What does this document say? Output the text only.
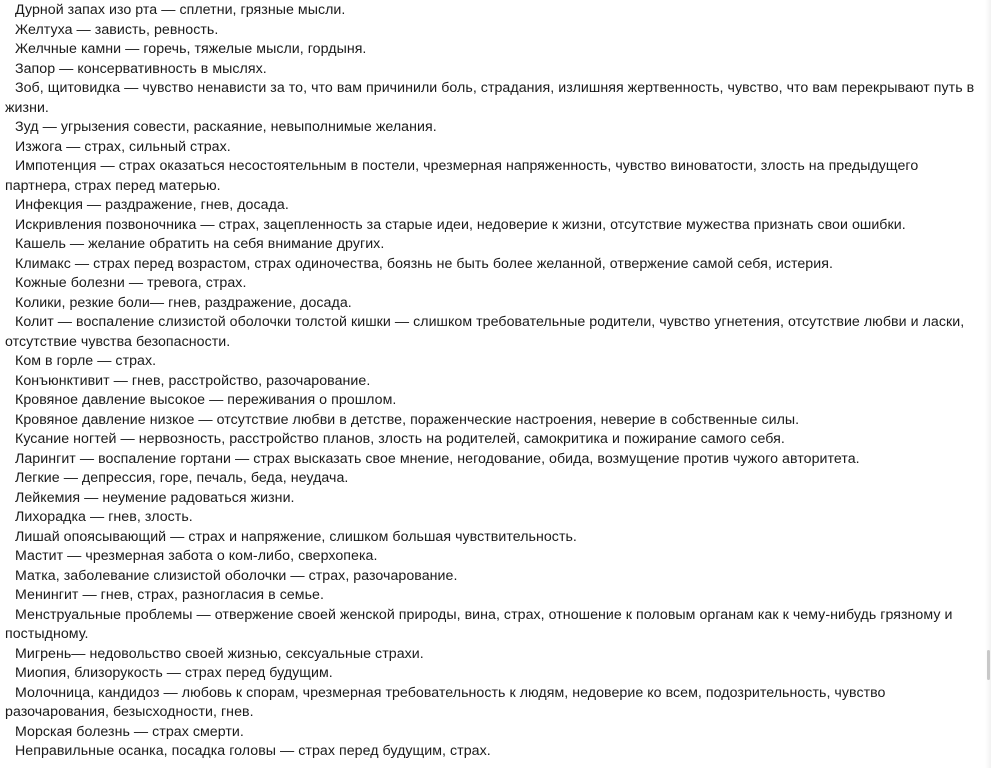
Дурной запах изо рта — сплетни, грязные мысли.

Желтуха — зависть, ревность.

Желчные камни — горечь, тяжелые мысли, гордыня.

Запор — консервативность в мыслях.

Зоб, щитовидка — чувство ненависти за то, что вам причинили боль, страдания, излишняя жертвенность, чувство, что вам перекрывают путь в жизни.

Зуд — угрызения совести, раскаяние, невыполнимые желания.

Изжога — страх, сильный страх.

Импотенция — страх оказаться несостоятельным в постели, чрезмерная напряженность, чувство виноватости, злость на предыдущего партнера, страх перед матерью.

Инфекция — раздражение, гнев, досада.

Искривления позвоночника — страх, зацепленность за старые идеи, недоверие к жизни, отсутствие мужества признать свои ошибки.

Кашель — желание обратить на себя внимание других.

Климакс — страх перед возрастом, страх одиночества, боязнь не быть более желанной, отвержение самой себя, истерия.

Кожные болезни — тревога, страх.

Колики, резкие боли— гнев, раздражение, досада.

Колит — воспаление слизистой оболочки толстой кишки — слишком требовательные родители, чувство угнетения, отсутствие любви и ласки, отсутствие чувства безопасности.

Ком в горле — страх.

Конъюнктивит — гнев, расстройство, разочарование.

Кровяное давление высокое — переживания о прошлом.

Кровяное давление низкое — отсутствие любви в детстве, пораженческие настроения, неверие в собственные силы.

Кусание ногтей — нервозность, расстройство планов, злость на родителей, самокритика и пожирание самого себя.

Ларингит — воспаление гортани — страх высказать свое мнение, негодование, обида, возмущение против чужого авторитета.

Легкие — депрессия, горе, печаль, беда, неудача.

Лейкемия — неумение радоваться жизни.

Лихорадка — гнев, злость.

Лишай опоясывающий — страх и напряжение, слишком большая чувствительность.

Мастит — чрезмерная забота о ком-либо, сверхопека.

Матка, заболевание слизистой оболочки — страх, разочарование.

Менингит — гнев, страх, разногласия в семье.

Менструальные проблемы — отвержение своей женской природы, вина, страх, отношение к половым органам как к чему-нибудь грязному и постыдному.

Мигрень— недовольство своей жизнью, сексуальные страхи.

Миопия, близорукость — страх перед будущим.

Молочница, кандидоз — любовь к спорам, чрезмерная требовательность к людям, недоверие ко всем, подозрительность, чувство разочарования, безысходности, гнев.

Морская болезнь — страх смерти.

Неправильные осанка, посадка головы — страх перед будущим, страх.
